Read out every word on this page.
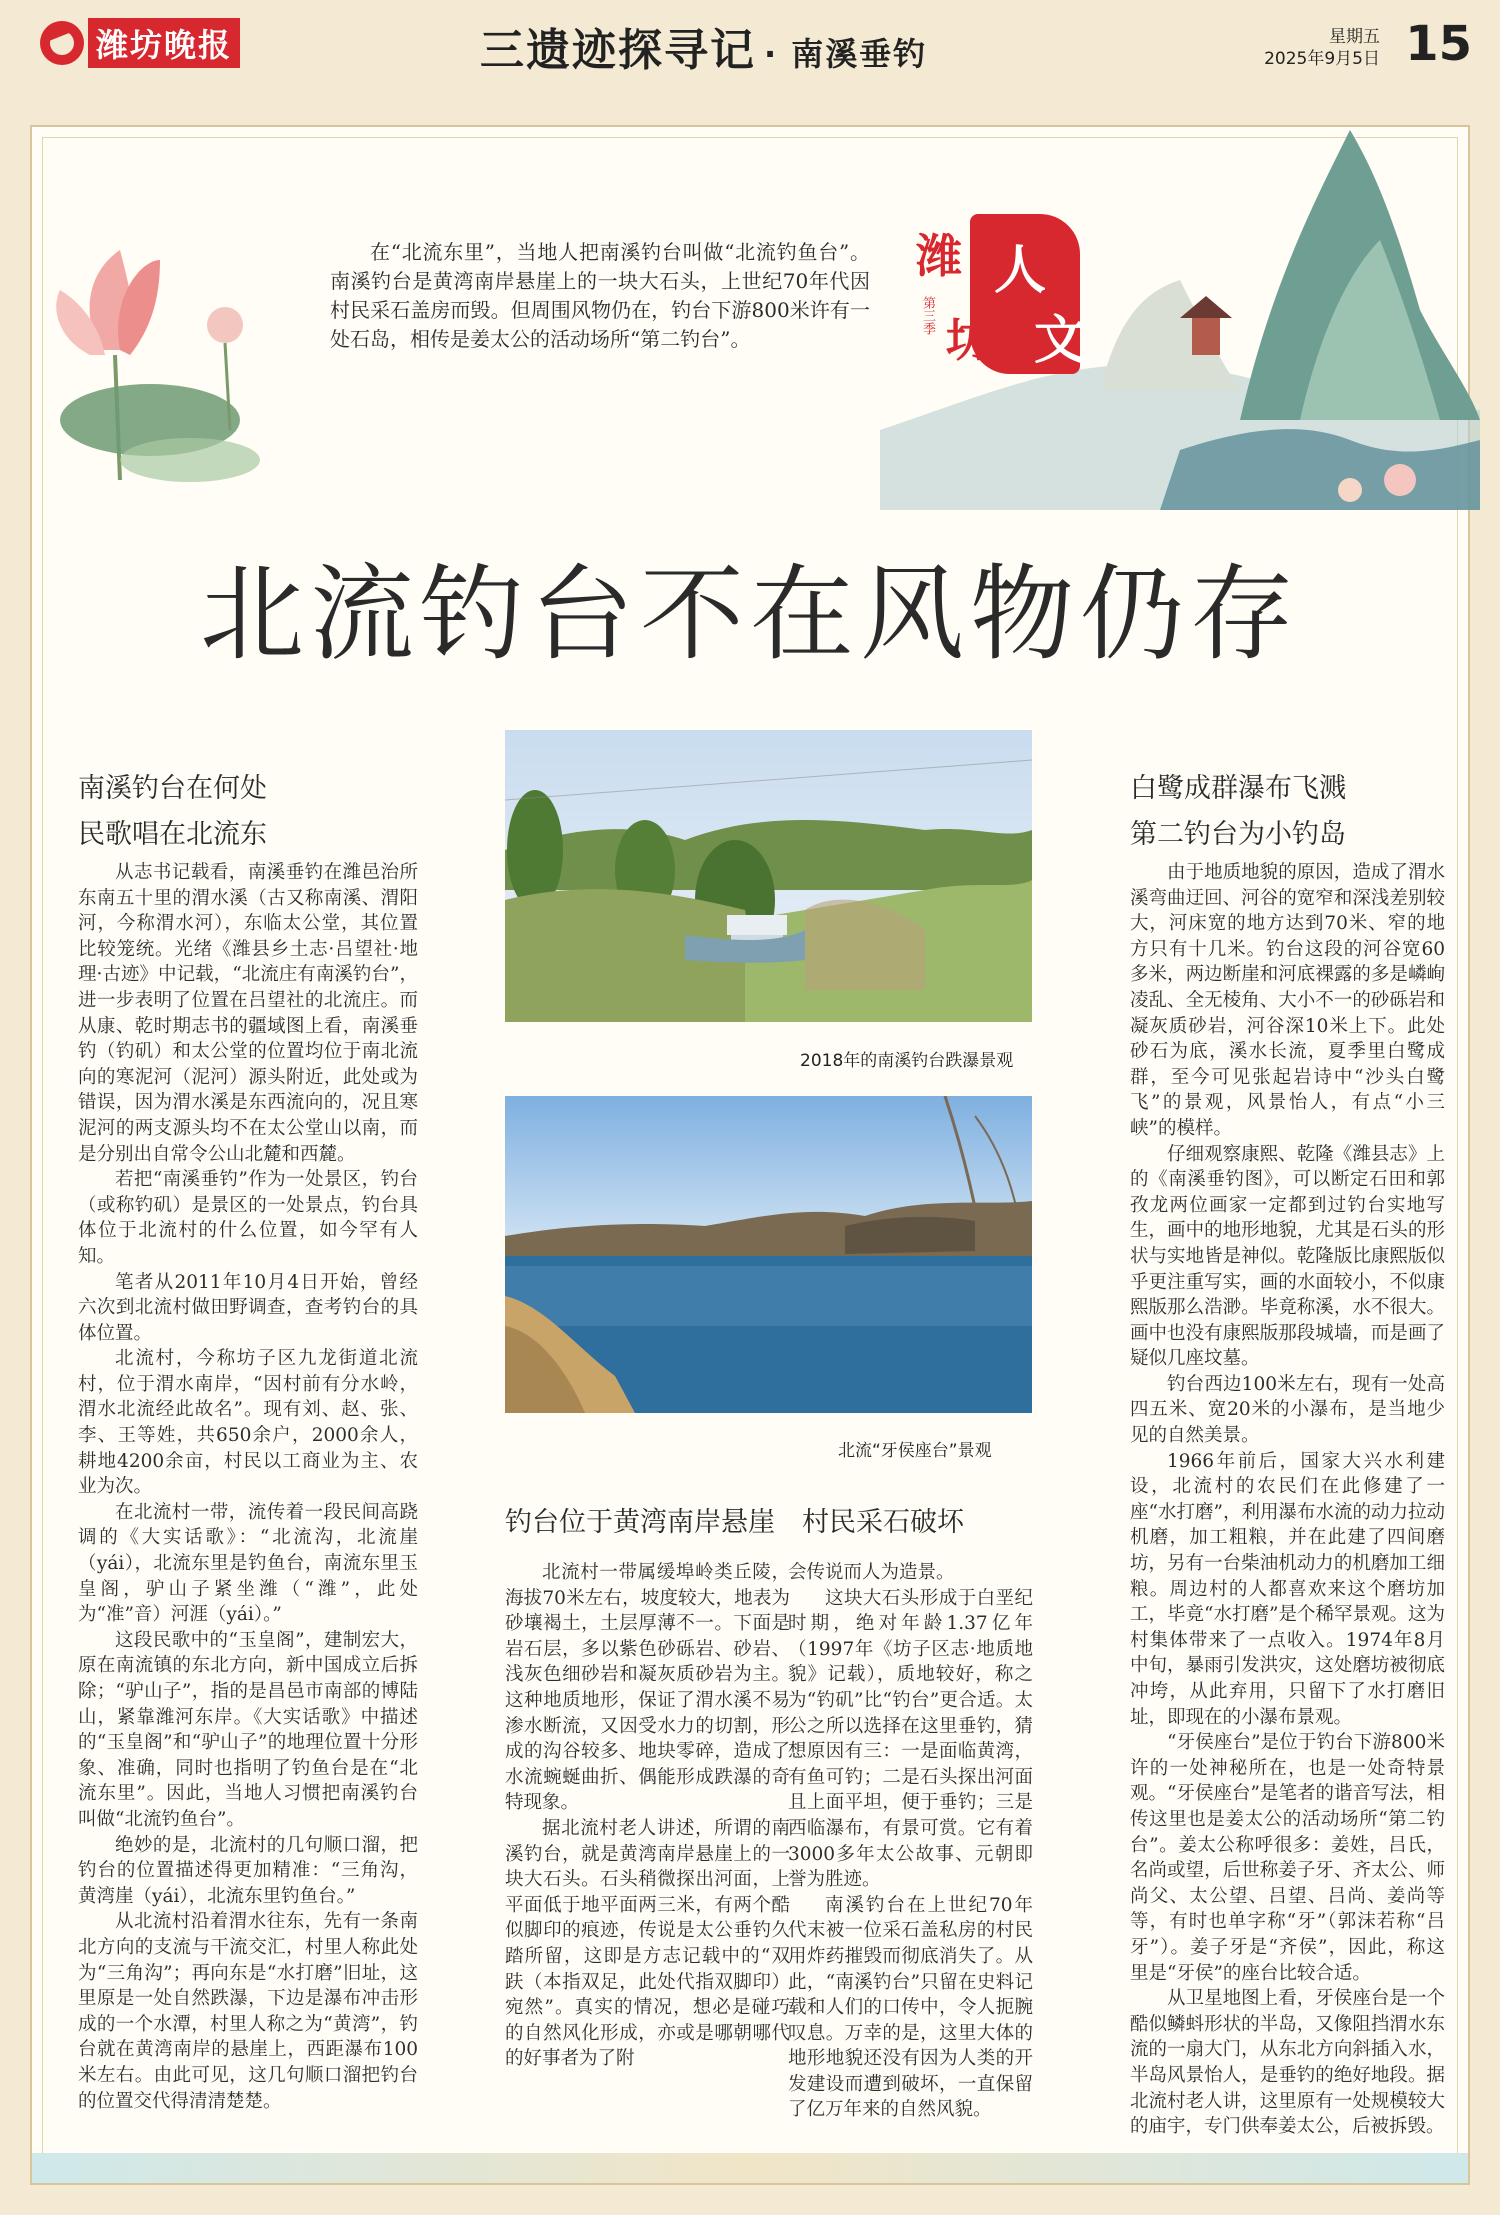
潍坊晚报	三遗迹探寻记 · 南溪垂钓	星期五
2025年9月5日 15
在“北流东里”，当地人把南溪钓台叫做“北流钓鱼台”。南溪钓台是黄湾南岸悬崖上的一块大石头，上世纪70年代因村民采石盖房而毁。但周围风物仍在，钓台下游800米许有一处石岛，相传是姜太公的活动场所“第二钓台”。
潍 人
坊 文
第三季
北流钓台不在风物仍存
南溪钓台在何处
民歌唱在北流东

从志书记载看，南溪垂钓在潍邑治所东南五十里的渭水溪（古又称南溪、渭阳河，今称渭水河），东临太公堂，其位置比较笼统。光绪《潍县乡土志·吕望社·地理·古迹》中记载，“北流庄有南溪钓台”，进一步表明了位置在吕望社的北流庄。而从康、乾时期志书的疆域图上看，南溪垂钓（钓矶）和太公堂的位置均位于南北流向的寒泥河（泥河）源头附近，此处或为错误，因为渭水溪是东西流向的，况且寒泥河的两支源头均不在太公堂山以南，而是分别出自常令公山北麓和西麓。

若把“南溪垂钓”作为一处景区，钓台（或称钓矶）是景区的一处景点，钓台具体位于北流村的什么位置，如今罕有人知。

笔者从2011年10月4日开始，曾经六次到北流村做田野调查，查考钓台的具体位置。

北流村，今称坊子区九龙街道北流村，位于渭水南岸，“因村前有分水岭，渭水北流经此故名”。现有刘、赵、张、李、王等姓，共650余户，2000余人，耕地4200余亩，村民以工商业为主、农业为次。

在北流村一带，流传着一段民间高跷调的《大实话歌》：“北流沟，北流崖（yái），北流东里是钓鱼台，南流东里玉皇阁，驴山子紧坐潍（“潍”，此处为“准”音）河涯（yái）。”

这段民歌中的“玉皇阁”，建制宏大，原在南流镇的东北方向，新中国成立后拆除；“驴山子”，指的是昌邑市南部的博陆山，紧靠潍河东岸。《大实话歌》中描述的“玉皇阁”和“驴山子”的地理位置十分形象、准确，同时也指明了钓鱼台是在“北流东里”。因此，当地人习惯把南溪钓台叫做“北流钓鱼台”。

绝妙的是，北流村的几句顺口溜，把钓台的位置描述得更加精准：“三角沟，黄湾崖（yái），北流东里钓鱼台。”

从北流村沿着渭水往东，先有一条南北方向的支流与干流交汇，村里人称此处为“三角沟”；再向东是“水打磨”旧址，这里原是一处自然跌瀑，下边是瀑布冲击形成的一个水潭，村里人称之为“黄湾”，钓台就在黄湾南岸的悬崖上，西距瀑布100米左右。由此可见，这几句顺口溜把钓台的位置交代得清清楚楚。

2018年的南溪钓台跌瀑景观
北流“牙侯座台”景观
钓台位于黄湾南岸悬崖　村民采石破坏

北流村一带属缓埠岭类丘陵，海拔70米左右，坡度较大，地表为砂壤褐土，土层厚薄不一。下面是岩石层，多以紫色砂砾岩、砂岩、浅灰色细砂岩和凝灰质砂岩为主。这种地质地形，保证了渭水溪不易渗水断流，又因受水力的切割，形成的沟谷较多、地块零碎，造成了水流蜿蜒曲折、偶能形成跌瀑的奇特现象。

据北流村老人讲述，所谓的南溪钓台，就是黄湾南岸悬崖上的一块大石头。石头稍微探出河面，上平面低于地平面两三米，有两个酷似脚印的痕迹，传说是太公垂钓久踏所留，这即是方志记载中的“双趺（本指双足，此处代指双脚印）宛然”。真实的情况，想必是碰巧的自然风化形成，亦或是哪朝哪代的好事者为了附

会传说而人为造景。

这块大石头形成于白垩纪时期，绝对年龄1.37亿年（1997年《坊子区志·地质地貌》记载），质地较好，称之为“钓矶”比“钓台”更合适。太公之所以选择在这里垂钓，猜想原因有三：一是面临黄湾，有鱼可钓；二是石头探出河面且上面平坦，便于垂钓；三是西临瀑布，有景可赏。它有着3000多年太公故事、元朝即誉为胜迹。

南溪钓台在上世纪70年代末被一位采石盖私房的村民用炸药摧毁而彻底消失了。从此，“南溪钓台”只留在史料记载和人们的口传中，令人扼腕叹息。万幸的是，这里大体的地形地貌还没有因为人类的开发建设而遭到破坏，一直保留了亿万年来的自然风貌。

白鹭成群瀑布飞溅
第二钓台为小钓岛

由于地质地貌的原因，造成了渭水溪弯曲迂回、河谷的宽窄和深浅差别较大，河床宽的地方达到70米、窄的地方只有十几米。钓台这段的河谷宽60多米，两边断崖和河底裸露的多是嶙峋凌乱、全无棱角、大小不一的砂砾岩和凝灰质砂岩，河谷深10米上下。此处砂石为底，溪水长流，夏季里白鹭成群，至今可见张起岩诗中“沙头白鹭飞”的景观，风景怡人，有点“小三峡”的模样。

仔细观察康熙、乾隆《潍县志》上的《南溪垂钓图》，可以断定石田和郭孜龙两位画家一定都到过钓台实地写生，画中的地形地貌，尤其是石头的形状与实地皆是神似。乾隆版比康熙版似乎更注重写实，画的水面较小，不似康熙版那么浩渺。毕竟称溪，水不很大。画中也没有康熙版那段城墙，而是画了疑似几座坟墓。

钓台西边100米左右，现有一处高四五米、宽20米的小瀑布，是当地少见的自然美景。

1966年前后，国家大兴水利建设，北流村的农民们在此修建了一座“水打磨”，利用瀑布水流的动力拉动机磨，加工粗粮，并在此建了四间磨坊，另有一台柴油机动力的机磨加工细粮。周边村的人都喜欢来这个磨坊加工，毕竟“水打磨”是个稀罕景观。这为村集体带来了一点收入。1974年8月中旬，暴雨引发洪灾，这处磨坊被彻底冲垮，从此弃用，只留下了水打磨旧址，即现在的小瀑布景观。

“牙侯座台”是位于钓台下游800米许的一处神秘所在，也是一处奇特景观。“牙侯座台”是笔者的谐音写法，相传这里也是姜太公的活动场所“第二钓台”。姜太公称呼很多：姜姓，吕氏，名尚或望，后世称姜子牙、齐太公、师尚父、太公望、吕望、吕尚、姜尚等等，有时也单字称“牙”（郭沫若称“吕牙”）。姜子牙是“齐侯”，因此，称这里是“牙侯”的座台比较合适。

从卫星地图上看，牙侯座台是一个酷似鳞蚪形状的半岛，又像阻挡渭水东流的一扇大门，从东北方向斜插入水，半岛风景怡人，是垂钓的绝好地段。据北流村老人讲，这里原有一处规模较大的庙宇，专门供奉姜太公，后被拆毁。
